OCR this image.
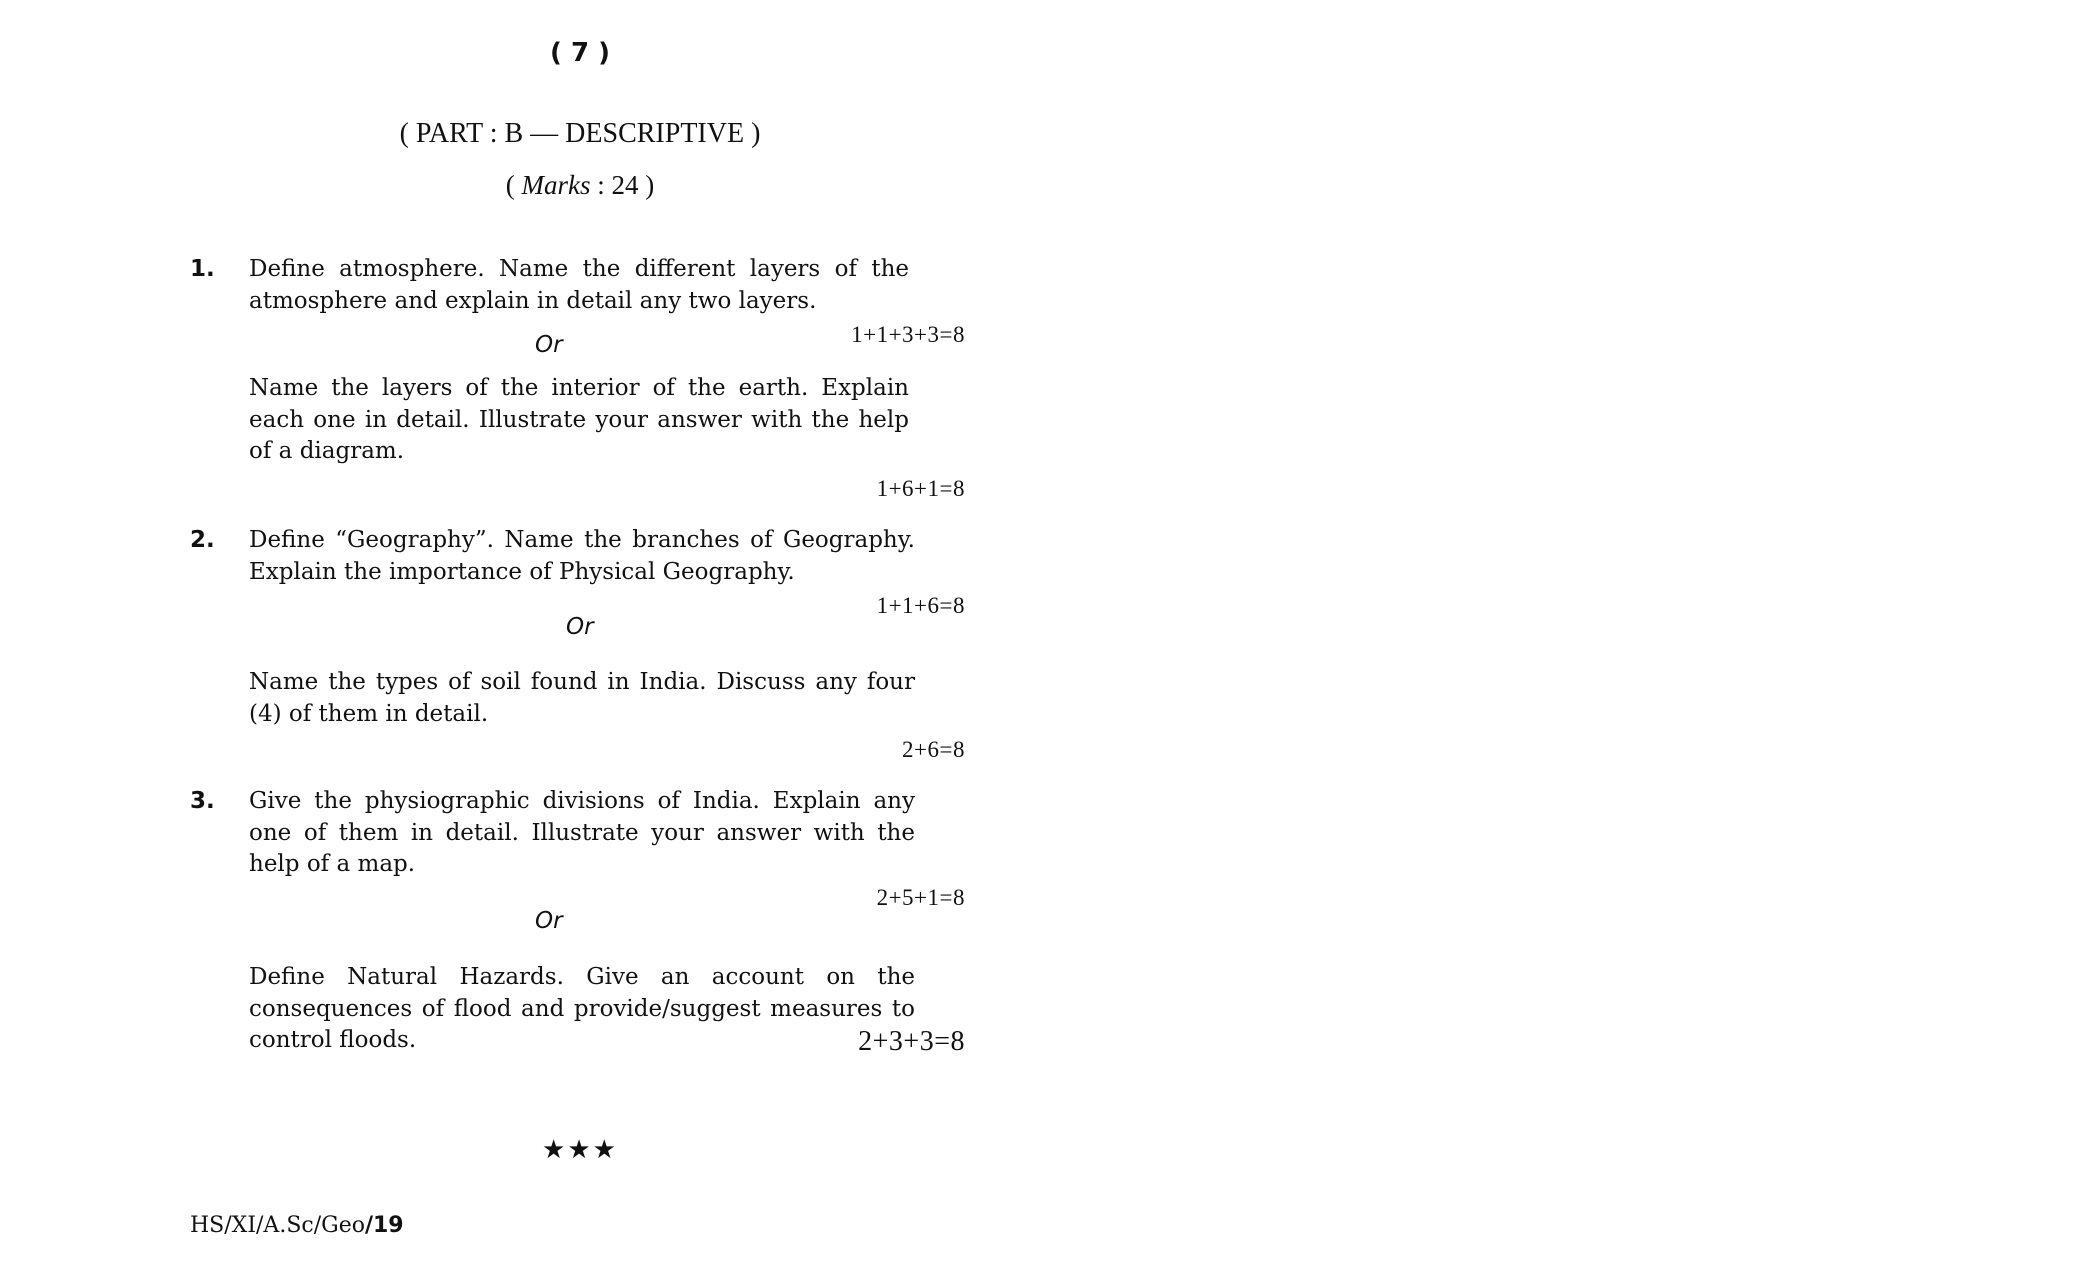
( 7 )
( PART : B — DESCRIPTIVE )
( Marks : 24 )
1. Define atmosphere. Name the different layers of the atmosphere and explain in detail any two layers.
Or	1+1+3+3=8
Name the layers of the interior of the earth. Explain each one in detail. Illustrate your answer with the help of a diagram.
1+6+1=8
2. Define “Geography”. Name the branches of Geography. Explain the importance of Physical Geography.
1+1+6=8
Or
Name the types of soil found in India. Discuss any four (4) of them in detail.
2+6=8
3. Give the physiographic divisions of India. Explain any one of them in detail. Illustrate your answer with the help of a map.
2+5+1=8
Or
Define Natural Hazards. Give an account on the consequences of flood and provide/suggest measures to control floods.	2+3+3=8
★★★
HS/XI/A.Sc/Geo/19
